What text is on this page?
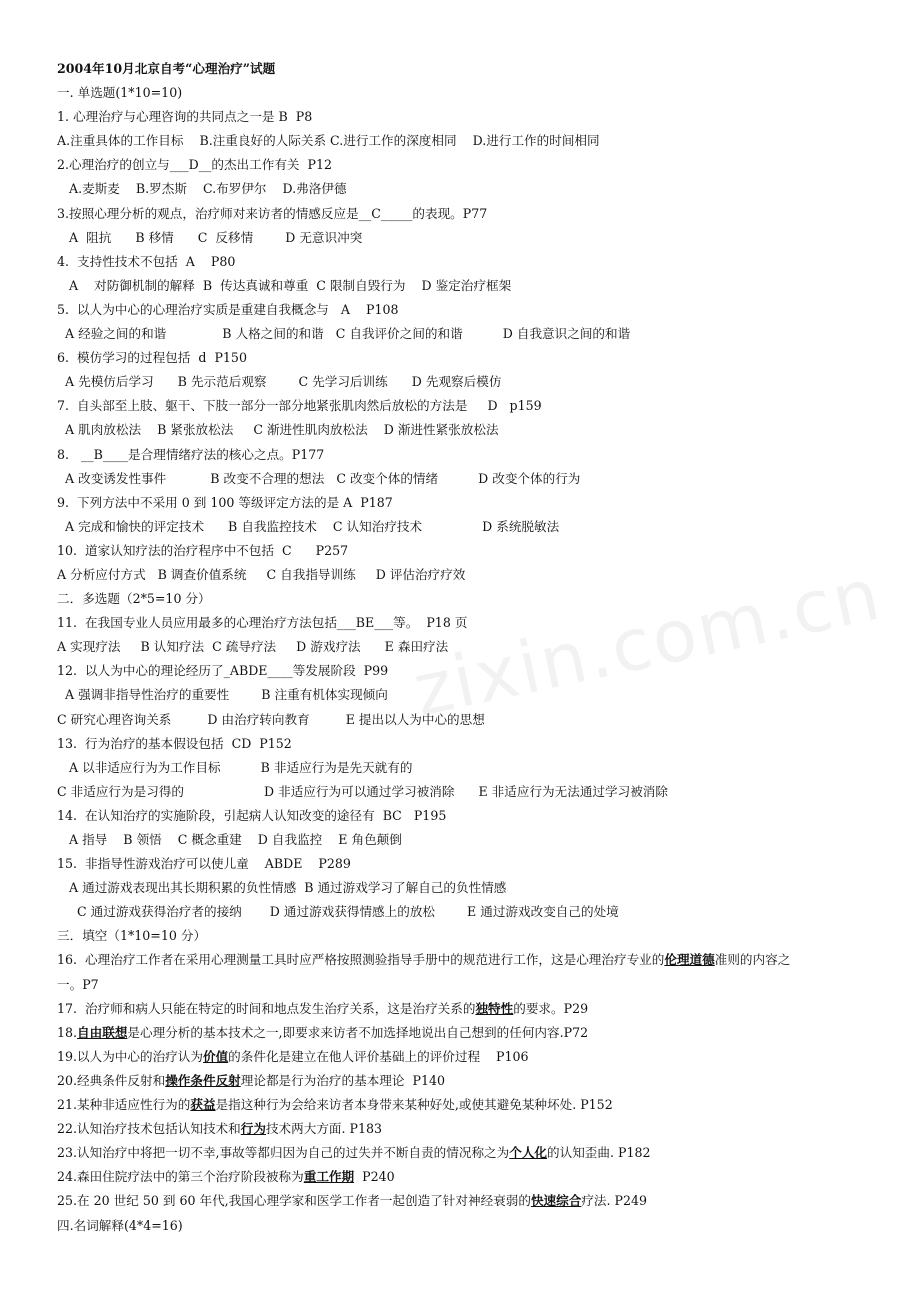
zixin.com.cn
2004年10月北京自考“心理治疗”试题
一. 单选题(1*10=10)
1. 心理治疗与心理咨询的共同点之一是 B  P8
A.注重具体的工作目标    B.注重良好的人际关系 C.进行工作的深度相同    D.进行工作的时间相同
2.心理治疗的创立与___D__的杰出工作有关  P12
A.麦斯麦    B.罗杰斯    C.布罗伊尔    D.弗洛伊德
3.按照心理分析的观点，治疗师对来访者的情感反应是__C_____的表现。P77
A  阻抗      B 移情      C  反移情        D 无意识冲突
4.  支持性技术不包括  A    P80
A    对防御机制的解释  B  传达真诚和尊重  C 限制自毁行为    D 鉴定治疗框架
5.  以人为中心的心理治疗实质是重建自我概念与   A    P108
A 经验之间的和谐              B 人格之间的和谐   C 自我评价之间的和谐          D 自我意识之间的和谐
6.  模仿学习的过程包括  d  P150
A 先模仿后学习      B 先示范后观察        C 先学习后训练      D 先观察后模仿
7.  自头部至上肢、躯干、下肢一部分一部分地紧张肌肉然后放松的方法是     D   p159
A 肌肉放松法    B 紧张放松法     C 渐进性肌肉放松法    D 渐进性紧张放松法
8.   __B____是合理情绪疗法的核心之点。P177
A 改变诱发性事件           B 改变不合理的想法   C 改变个体的情绪          D 改变个体的行为
9.  下列方法中不采用 0 到 100 等级评定方法的是 A  P187
A 完成和愉快的评定技术      B 自我监控技术    C 认知治疗技术               D 系统脱敏法
10.  道家认知疗法的治疗程序中不包括  C      P257
A 分析应付方式   B 调查价值系统     C 自我指导训练     D 评估治疗疗效
二．多选题（2*5=10 分）
11.  在我国专业人员应用最多的心理治疗方法包括___BE___等。  P18 页
A 实现疗法     B 认知疗法  C 疏导疗法     D 游戏疗法      E 森田疗法
12.  以人为中心的理论经历了_ABDE____等发展阶段  P99
A 强调非指导性治疗的重要性        B 注重有机体实现倾向
C 研究心理咨询关系         D 由治疗转向教育         E 提出以人为中心的思想
13.  行为治疗的基本假设包括  CD  P152
A 以非适应行为为工作目标          B 非适应行为是先天就有的
C 非适应行为是习得的                    D 非适应行为可以通过学习被消除      E 非适应行为无法通过学习被消除
14.  在认知治疗的实施阶段，引起病人认知改变的途径有  BC   P195
A 指导    B 领悟    C 概念重建    D 自我监控    E 角色颠倒
15.  非指导性游戏治疗可以使儿童    ABDE    P289
A 通过游戏表现出其长期积累的负性情感  B 通过游戏学习了解自己的负性情感
C 通过游戏获得治疗者的接纳       D 通过游戏获得情感上的放松        E 通过游戏改变自己的处境
三．填空（1*10=10 分）
16.  心理治疗工作者在采用心理测量工具时应严格按照测验指导手册中的规范进行工作，这是心理治疗专业的伦理道德准则的内容之
一。P7
17.  治疗师和病人只能在特定的时间和地点发生治疗关系，这是治疗关系的独特性的要求。P29
18.自由联想是心理分析的基本技术之一,即要求来访者不加选择地说出自己想到的任何内容.P72
19.以人为中心的治疗认为价值的条件化是建立在他人评价基础上的评价过程    P106
20.经典条件反射和操作条件反射理论都是行为治疗的基本理论  P140
21.某种非适应性行为的获益是指这种行为会给来访者本身带来某种好处,或使其避免某种坏处. P152
22.认知治疗技术包括认知技术和行为技术两大方面. P183
23.认知治疗中将把一切不幸,事故等都归因为自己的过失并不断自责的情况称之为个人化的认知歪曲. P182
24.森田住院疗法中的第三个治疗阶段被称为重工作期  P240
25.在 20 世纪 50 到 60 年代,我国心理学家和医学工作者一起创造了针对神经衰弱的快速综合疗法. P249
四.名词解释(4*4=16)
